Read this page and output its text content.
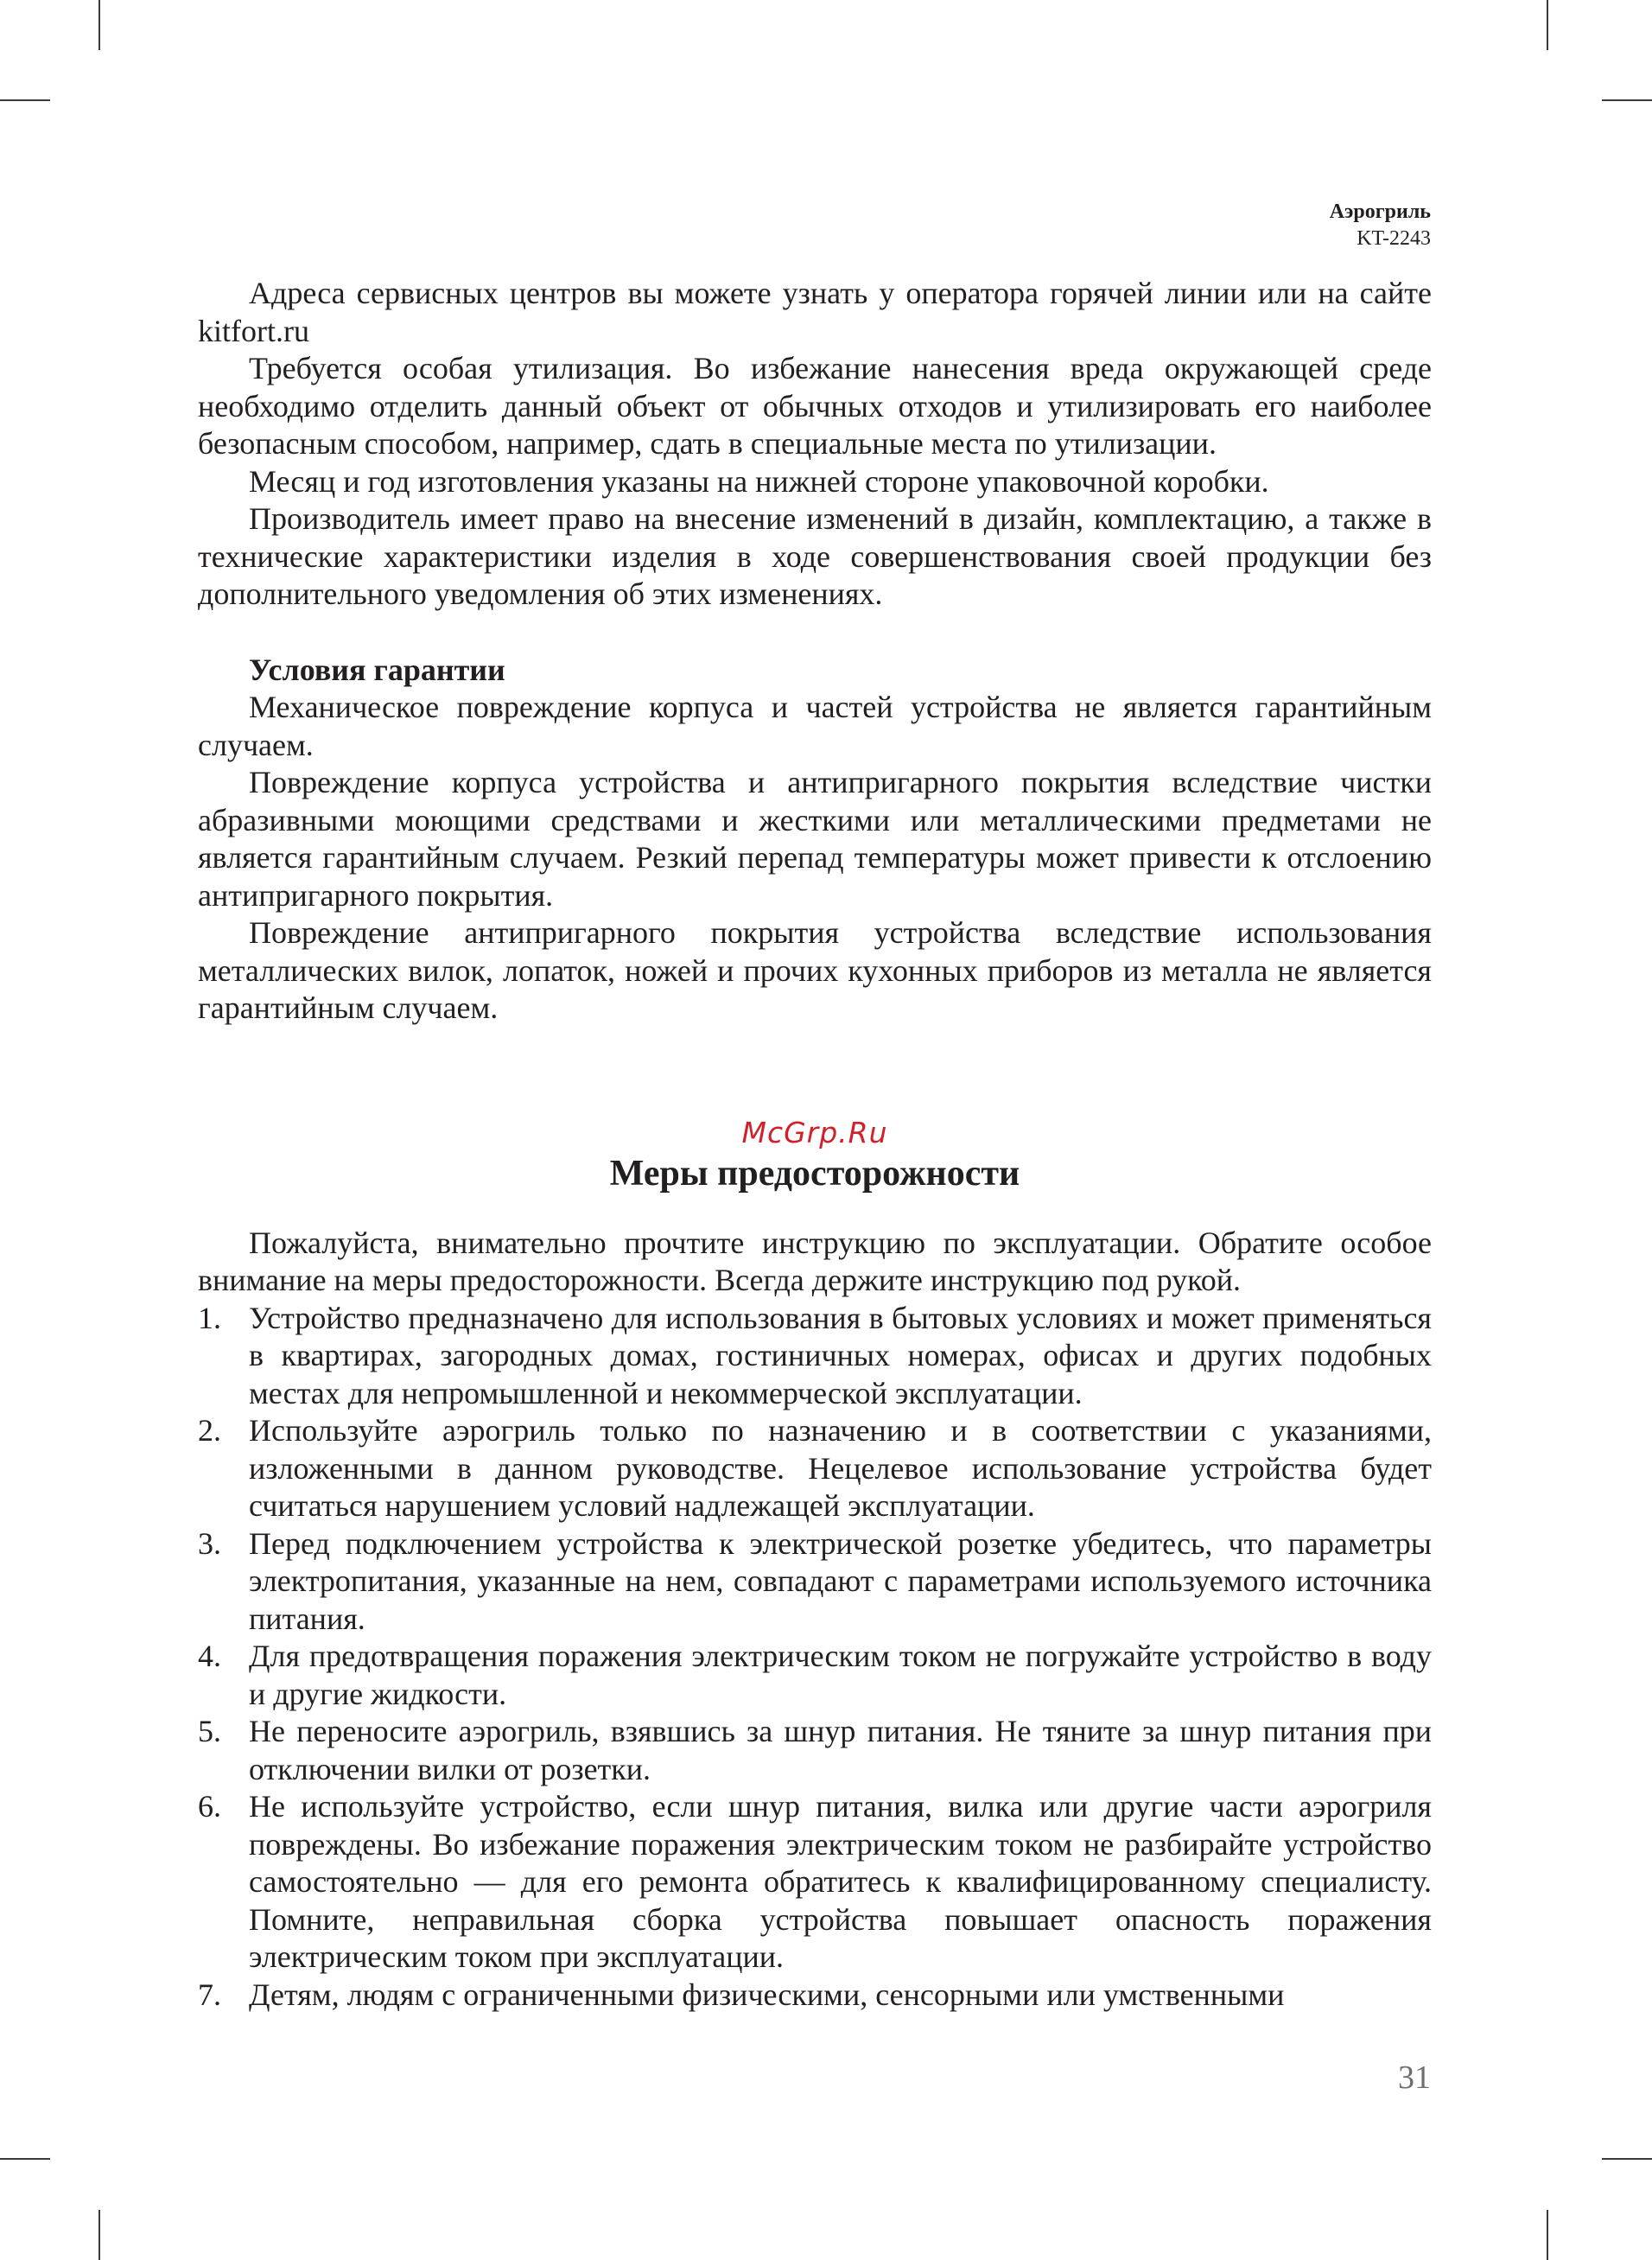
Аэрогриль
KT-2243

Адреса сервисных центров вы можете узнать у оператора горячей линии или на сайте kitfort.ru

Требуется особая утилизация. Во избежание нанесения вреда окружающей среде необходимо отделить данный объект от обычных отходов и утилизировать его наиболее безопасным способом, например, сдать в специальные места по утилизации.

Месяц и год изготовления указаны на нижней стороне упаковочной коробки.

Производитель имеет право на внесение изменений в дизайн, комплектацию, а также в технические характеристики изделия в ходе совершенствования своей продукции без дополнительного уведомления об этих изменениях.

Условия гарантии

Механическое повреждение корпуса и частей устройства не является гарантийным случаем.

Повреждение корпуса устройства и антипригарного покрытия вследствие чистки абразивными моющими средствами и жесткими или металлическими предметами не является гарантийным случаем. Резкий перепад температуры может привести к отслоению антипригарного покрытия.

Повреждение антипригарного покрытия устройства вследствие использования металлических вилок, лопаток, ножей и прочих кухонных приборов из металла не является гарантийным случаем.

McGrp.Ru
Меры предосторожности

Пожалуйста, внимательно прочтите инструкцию по эксплуатации. Обратите особое внимание на меры предосторожности. Всегда держите инструкцию под рукой.

1. Устройство предназначено для использования в бытовых условиях и может применяться в квартирах, загородных домах, гостиничных номерах, офисах и других подобных местах для непромышленной и некоммерческой эксплуатации.
2. Используйте аэрогриль только по назначению и в соответствии с указаниями, изложенными в данном руководстве. Нецелевое использование устройства будет считаться нарушением условий надлежащей эксплуатации.
3. Перед подключением устройства к электрической розетке убедитесь, что параметры электропитания, указанные на нем, совпадают с параметрами используемого источника питания.
4. Для предотвращения поражения электрическим током не погружайте устройство в воду и другие жидкости.
5. Не переносите аэрогриль, взявшись за шнур питания. Не тяните за шнур питания при отключении вилки от розетки.
6. Не используйте устройство, если шнур питания, вилка или другие части аэрогриля повреждены. Во избежание поражения электрическим током не разбирайте устройство самостоятельно — для его ремонта обратитесь к квалифицированному специалисту. Помните, неправильная сборка устройства повышает опасность поражения электрическим током при эксплуатации.
7. Детям, людям с ограниченными физическими, сенсорными или умственными
31
